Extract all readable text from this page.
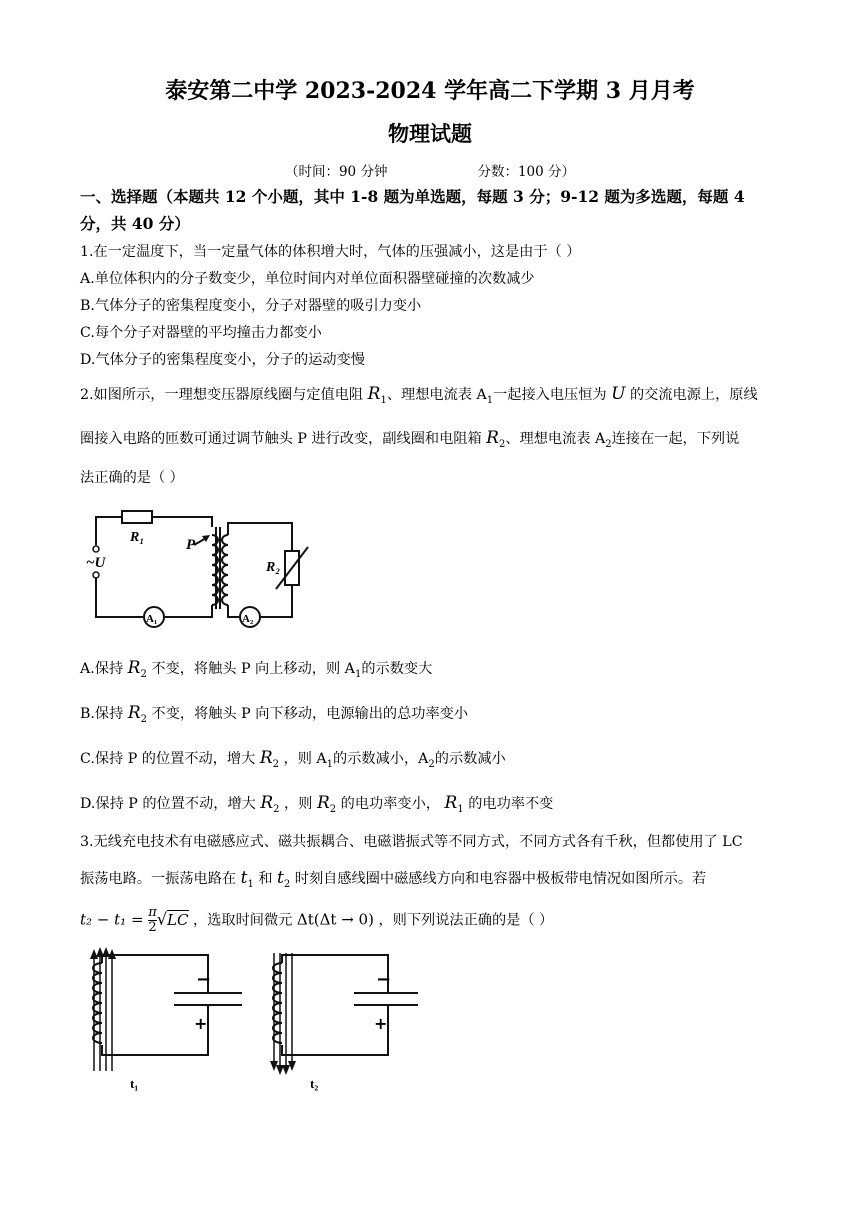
泰安第二中学 2023-2024 学年高二下学期 3 月月考
物理试题
（时间：90 分钟	分数：100 分）
一、选择题（本题共 12 个小题，其中 1-8 题为单选题，每题 3 分；9-12 题为多选题，每题 4 分，共 40 分）
1.在一定温度下，当一定量气体的体积增大时，气体的压强减小，这是由于（ ）
A.单位体积内的分子数变少，单位时间内对单位面积器壁碰撞的次数减少
B.气体分子的密集程度变小，分子对器壁的吸引力变小
C.每个分子对器壁的平均撞击力都变小
D.气体分子的密集程度变小，分子的运动变慢
2.如图所示，一理想变压器原线圈与定值电阻 $R_1$、理想电流表 $A_1$一起接入电压恒为 U 的交流电源上，原线
圈接入电路的匝数可通过调节触头 P 进行改变，副线圈和电阻箱 $R_2$、理想电流表 $A_2$连接在一起，下列说
法正确的是（ ）
R₁	P
~U	R₂
A₁	A₂
A.保持 $R_2$ 不变，将触头 P 向上移动，则 $A_1$的示数变大
B.保持 $R_2$ 不变，将触头 P 向下移动，电源输出的总功率变小
C.保持 P 的位置不动，增大 $R_2$ ，则 $A_1$的示数减小，$A_2$的示数减小
D.保持 P 的位置不动，增大 $R_2$ ，则 $R_2$ 的电功率变小， $R_1$ 的电功率不变
3.无线充电技术有电磁感应式、磁共振耦合、电磁谐振式等不同方式，不同方式各有千秋，但都使用了 LC
振荡电路。一振荡电路在 $t_1$ 和 $t_2$ 时刻自感线圈中磁感线方向和电容器中极板带电情况如图所示。若
$t_2 - t_1 = \frac{\pi}{2} √LC$ ，选取时间微元 Δt(Δt → 0) ，则下列说法正确的是（ ）
−
+
−
+
t₁	t₂
